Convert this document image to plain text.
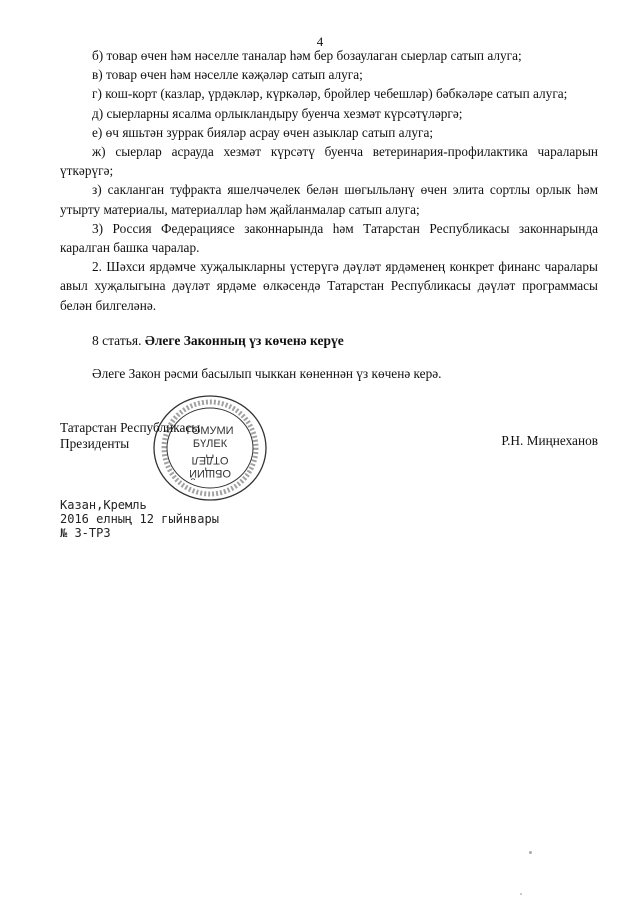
4

б) товар өчен һәм нәселле таналар һәм бер бозаулаган сыерлар сатып алуга;

в) товар өчен һәм нәселле кәҗәләр сатып алуга;

г) кош-корт (казлар, үрдәкләр, күркәләр, бройлер чебешләр) бәбкәләре сатып алуга;

д) сыерларны ясалма орлыкландыру буенча хезмәт күрсәтүләргә;

е) өч яшьтән зуррак бияләр асрау өчен азыклар сатып алуга;

ж) сыерлар асрауда хезмәт күрсәтү буенча ветеринария-профилактика чараларын үткәрүгә;

з) сакланган туфракта яшелчәчелек белән шөгыльләнү өчен элита сортлы орлык һәм утырту материалы, материаллар һәм җайланмалар сатып алуга;

3) Россия Федерациясе законнарында һәм Татарстан Республикасы законнарында каралган башка чаралар.

2. Шәхси ярдәмче хуҗалыкларны үстерүгә дәүләт ярдәменең конкрет финанс чаралары авыл хуҗалыгына дәүләт ярдәме өлкәсендә Татарстан Республикасы дәүләт программасы белән билгеләнә.

8 статья. Әлеге Законның үз көченә керүе
Әлеге Закон рәсми басылып чыккан көненнән үз көченә керә.
ГОМУМИ
БҮЛЕК
ОБЩИЙ
ОТДЕЛ
Татарстан Республикасы
Президенты	Р.Н. Миңнеханов
Казан,Кремль
2016 елның 12 гыйнвары
№ 3-ТРЗ
